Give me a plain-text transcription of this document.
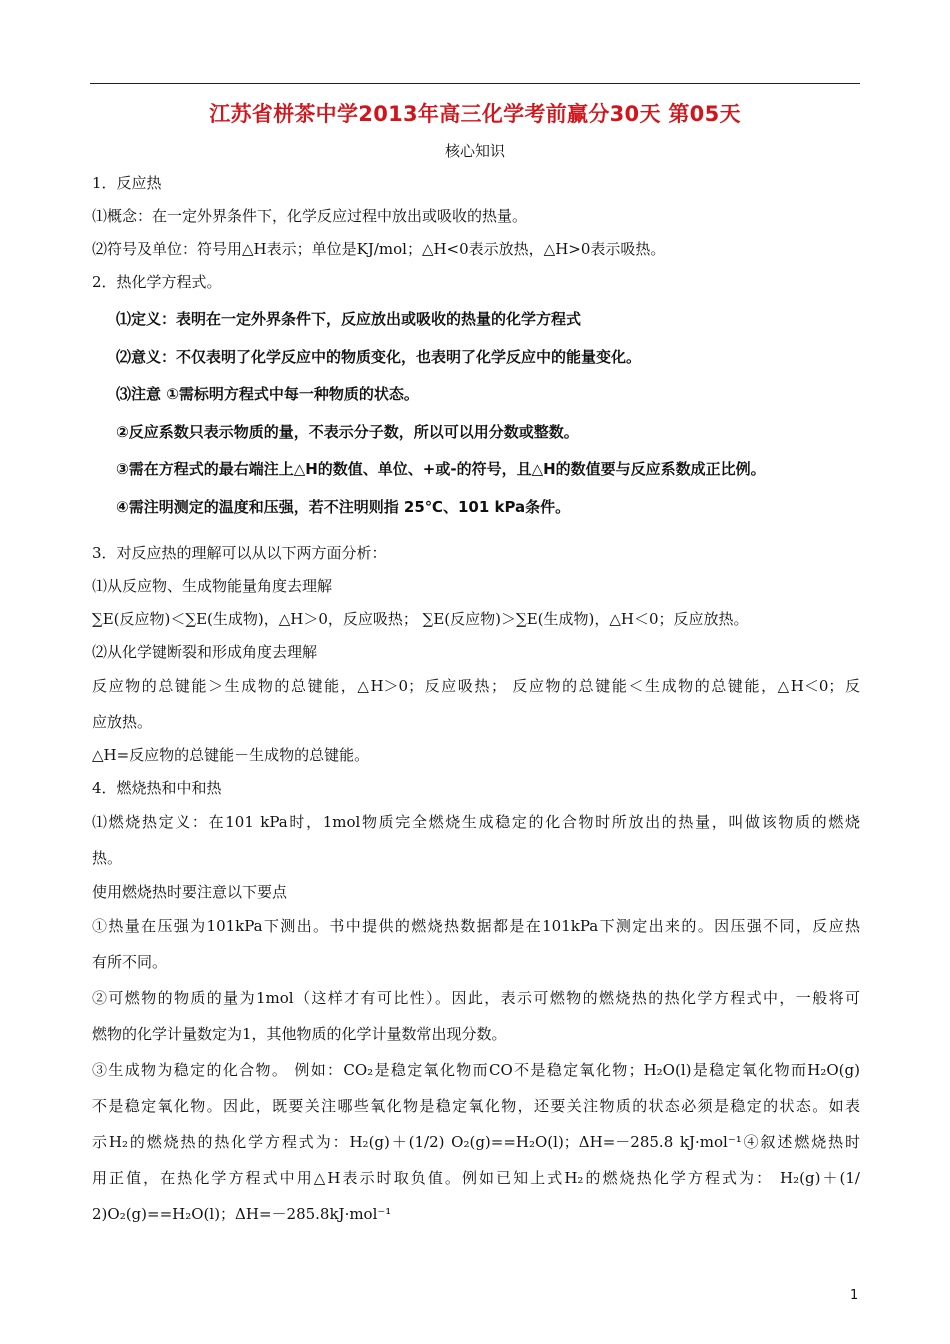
江苏省栟茶中学2013年高三化学考前赢分30天 第05天
核心知识
1．反应热
⑴概念：在一定外界条件下，化学反应过程中放出或吸收的热量。
⑵符号及单位：符号用△H表示；单位是KJ/mol；△H<0表示放热，△H>0表示吸热。
2．热化学方程式。
⑴定义：表明在一定外界条件下，反应放出或吸收的热量的化学方程式
⑵意义：不仅表明了化学反应中的物质变化，也表明了化学反应中的能量变化。
⑶注意 ①需标明方程式中每一种物质的状态。
②反应系数只表示物质的量，不表示分子数，所以可以用分数或整数。
③需在方程式的最右端注上△H的数值、单位、+或-的符号，且△H的数值要与反应系数成正比例。
④需注明测定的温度和压强，若不注明则指 25℃、101 kPa条件。
3．对反应热的理解可以从以下两方面分析：
⑴从反应物、生成物能量角度去理解
∑E(反应物)＜∑E(生成物)，△H＞0，反应吸热； ∑E(反应物)＞∑E(生成物)，△H＜0；反应放热。
⑵从化学键断裂和形成角度去理解
反应物的总键能＞生成物的总键能，△H＞0；反应吸热； 反应物的总键能＜生成物的总键能，△H＜0；反
应放热。
△H=反应物的总键能－生成物的总键能。
4．燃烧热和中和热
⑴燃烧热定义：在101 kPa时，1mol物质完全燃烧生成稳定的化合物时所放出的热量，叫做该物质的燃烧
热。
使用燃烧热时要注意以下要点
①热量在压强为101kPa下测出。书中提供的燃烧热数据都是在101kPa下测定出来的。因压强不同，反应热
有所不同。
②可燃物的物质的量为1mol（这样才有可比性）。因此，表示可燃物的燃烧热的热化学方程式中，一般将可
燃物的化学计量数定为1，其他物质的化学计量数常出现分数。
③生成物为稳定的化合物。 例如：CO₂是稳定氧化物而CO不是稳定氧化物；H₂O(l)是稳定氧化物而H₂O(g)
不是稳定氧化物。因此，既要关注哪些氧化物是稳定氧化物，还要关注物质的状态必须是稳定的状态。如表
示H₂的燃烧热的热化学方程式为：H₂(g)＋(1/2) O₂(g)==H₂O(l)；ΔH=－285.8 kJ·mol⁻¹④叙述燃烧热时
用正值，在热化学方程式中用△H表示时取负值。例如已知上式H₂的燃烧热化学方程式为： H₂(g)＋(1/
2)O₂(g)==H₂O(l)；ΔH=－285.8kJ·mol⁻¹
1
